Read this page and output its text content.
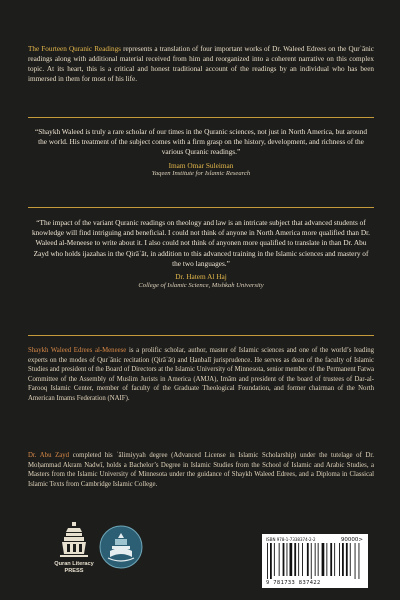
The Fourteen Quranic Readings represents a translation of four important works of Dr. Waleed Edrees on the Qurʾānic readings along with additional material received from him and reorganized into a coherent narrative on this complex topic. At its heart, this is a critical and honest traditional account of the readings by an individual who has been immersed in them for most of his life.

“Shaykh Waleed is truly a rare scholar of our times in the Quranic sciences, not just in North America, but around the world. His treatment of the subject comes with a firm grasp on the history, development, and richness of the various Quranic readings.”
Imam Omar Suleiman
Yaqeen Institute for Islamic Research
“The impact of the variant Quranic readings on theology and law is an intricate subject that advanced students of knowledge will find intriguing and beneficial. I could not think of anyone in North America more qualified than Dr. Waleed al-Meneese to write about it. I also could not think of anyonen more qualified to translate in than Dr. Abu Zayd who holds ijazahas in the Qirāʾāt, in addition to this advanced training in the Islamic sciences and mastery of the two languages.”
Dr. Hatem Al Haj
College of Islamic Science, Mishkah University

Shaykh Waleed Edrees al-Meneese is a prolific scholar, author, master of Islamic sciences and one of the world’s leading experts on the modes of Qurʾānic recitation (Qirāʾāt) and Ḥanbalī jurisprudence. He serves as dean of the faculty of Islamic Studies and president of the Board of Directors at the Islamic University of Minnesota, senior member of the Permanent Fatwa Committee of the Assembly of Muslim Jurists in America (AMJA), Imām and president of the board of trustees of Dar-al-Farooq Islamic Center, member of faculty of the Graduate Theological Foundation, and former chairman of the North American Imams Federation (NAIF).

Dr. Abu Zayd completed his ʿālimiyyah degree (Advanced License in Islamic Scholarship) under the tutelage of Dr. Moḥammad Akram Nadwī, holds a Bachelor’s Degree in Islamic Studies from the School of Islamic and Arabic Studies, a Masters from the Islamic University of Minnesota under the guidance of Shaykh Waleed Edrees, and a Diploma in Classical Islamic Texts from Cambridge Islamic College.

Quran Literacy
PRESS
ISBN 978-1-7338374-2-2	90000>
9 781733 837422
